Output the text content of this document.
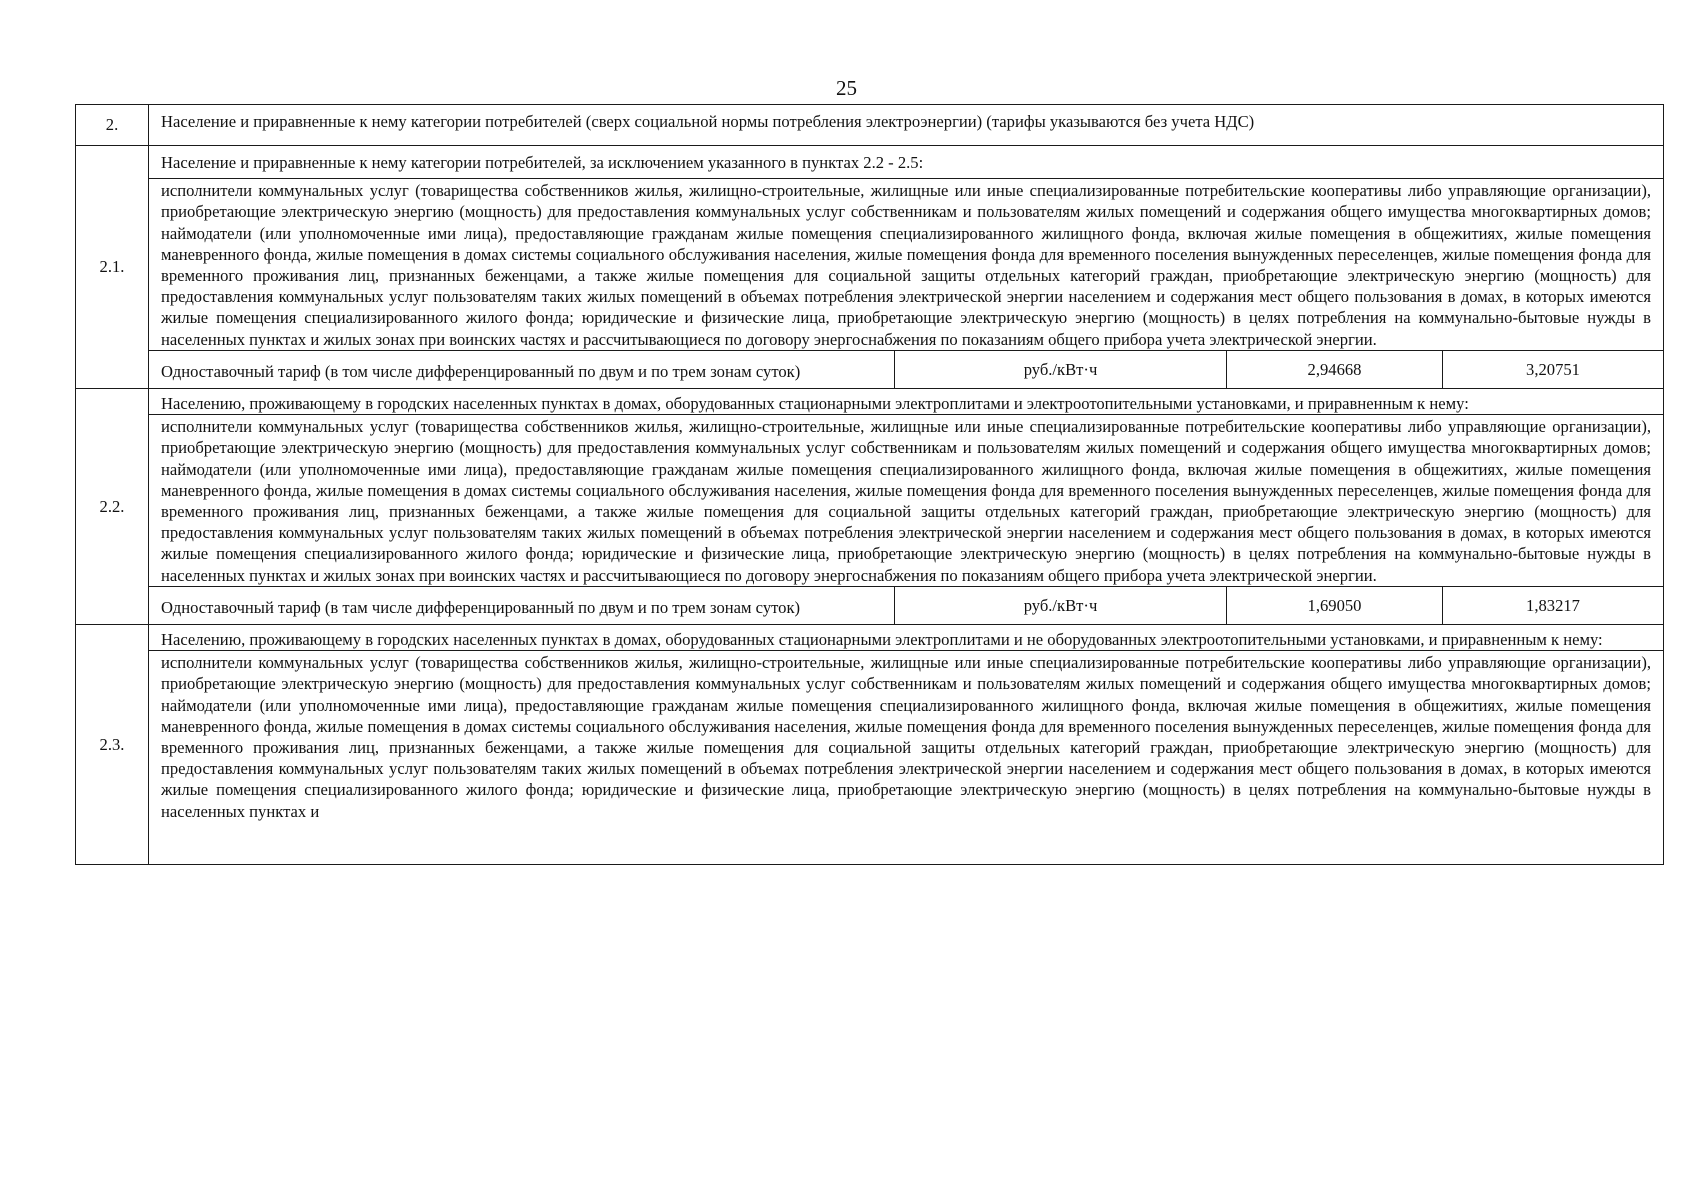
25
2.	Население и приравненные к нему категории потребителей (сверх социальной нормы потребления электроэнергии) (тарифы указываются без учета НДС)			
2.1.	Население и приравненные к нему категории потребителей, за исключением указанного в пунктах 2.2 - 2.5:			
	исполнители коммунальных услуг (товарищества собственников жилья, жилищно-строительные, жилищные или иные специализированные потребительские кооперативы либо управляющие организации), приобретающие электрическую энергию (мощность) для предоставления коммунальных услуг собственникам и пользователям жилых помещений и содержания общего имущества многоквартирных домов; наймодатели (или уполномоченные ими лица), предоставляющие гражданам жилые помещения специализированного жилищного фонда, включая жилые помещения в общежитиях, жилые помещения маневренного фонда, жилые помещения в домах системы социального обслуживания населения, жилые помещения фонда для временного поселения вынужденных переселенцев, жилые помещения фонда для временного проживания лиц, признанных беженцами, а также жилые помещения для социальной защиты отдельных категорий граждан, приобретающие электрическую энергию (мощность) для предоставления коммунальных услуг пользователям таких жилых помещений в объемах потребления электрической энергии населением и содержания мест общего пользования в домах, в которых имеются жилые помещения специализированного жилого фонда; юридические и физические лица, приобретающие электрическую энергию (мощность) в целях потребления на коммунально-бытовые нужды в населенных пунктах и жилых зонах при воинских частях и рассчитывающиеся по договору энергоснабжения по показаниям общего прибора учета электрической энергии.			
	Одноставочный тариф (в том числе дифференцированный по двум и по трем зонам суток)	руб./кВт·ч	2,94668	3,20751
2.2.	Населению, проживающему в городских населенных пунктах в домах, оборудованных стационарными электроплитами и электроотопительными установками, и приравненным к нему:			
	исполнители коммунальных услуг (товарищества собственников жилья, жилищно-строительные, жилищные или иные специализированные потребительские кооперативы либо управляющие организации), приобретающие электрическую энергию (мощность) для предоставления коммунальных услуг собственникам и пользователям жилых помещений и содержания общего имущества многоквартирных домов; наймодатели (или уполномоченные ими лица), предоставляющие гражданам жилые помещения специализированного жилищного фонда, включая жилые помещения в общежитиях, жилые помещения маневренного фонда, жилые помещения в домах системы социального обслуживания населения, жилые помещения фонда для временного поселения вынужденных переселенцев, жилые помещения фонда для временного проживания лиц, признанных беженцами, а также жилые помещения для социальной защиты отдельных категорий граждан, приобретающие электрическую энергию (мощность) для предоставления коммунальных услуг пользователям таких жилых помещений в объемах потребления электрической энергии населением и содержания мест общего пользования в домах, в которых имеются жилые помещения специализированного жилого фонда; юридические и физические лица, приобретающие электрическую энергию (мощность) в целях потребления на коммунально-бытовые нужды в населенных пунктах и жилых зонах при воинских частях и рассчитывающиеся по договору энергоснабжения по показаниям общего прибора учета электрической энергии.			
	Одноставочный тариф (в там числе дифференцированный по двум и по трем зонам суток)	руб./кВт·ч	1,69050	1,83217
2.3.	Населению, проживающему в городских населенных пунктах в домах, оборудованных стационарными электроплитами и не оборудованных электроотопительными установками, и приравненным к нему:			

	исполнители коммунальных услуг (товарищества собственников жилья, жилищно-строительные, жилищные или иные специализированные потребительские кооперативы либо управляющие организации), приобретающие электрическую энергию (мощность) для предоставления коммунальных услуг собственникам и пользователям жилых помещений и содержания общего имущества многоквартирных домов; наймодатели (или уполномоченные ими лица), предоставляющие гражданам жилые помещения специализированного жилищного фонда, включая жилые помещения в общежитиях, жилые помещения маневренного фонда, жилые помещения в домах системы социального обслуживания населения, жилые помещения фонда для временного поселения вынужденных переселенцев, жилые помещения фонда для временного проживания лиц, признанных беженцами, а также жилые помещения для социальной защиты отдельных категорий граждан, приобретающие электрическую энергию (мощность) для предоставления коммунальных услуг пользователям таких жилых помещений в объемах потребления электрической энергии населением и содержания мест общего пользования в домах, в которых имеются жилые помещения специализированного жилого фонда; юридические и физические лица, приобретающие электрическую энергию (мощность) в целях потребления на коммунально-бытовые нужды в населенных пунктах и			
